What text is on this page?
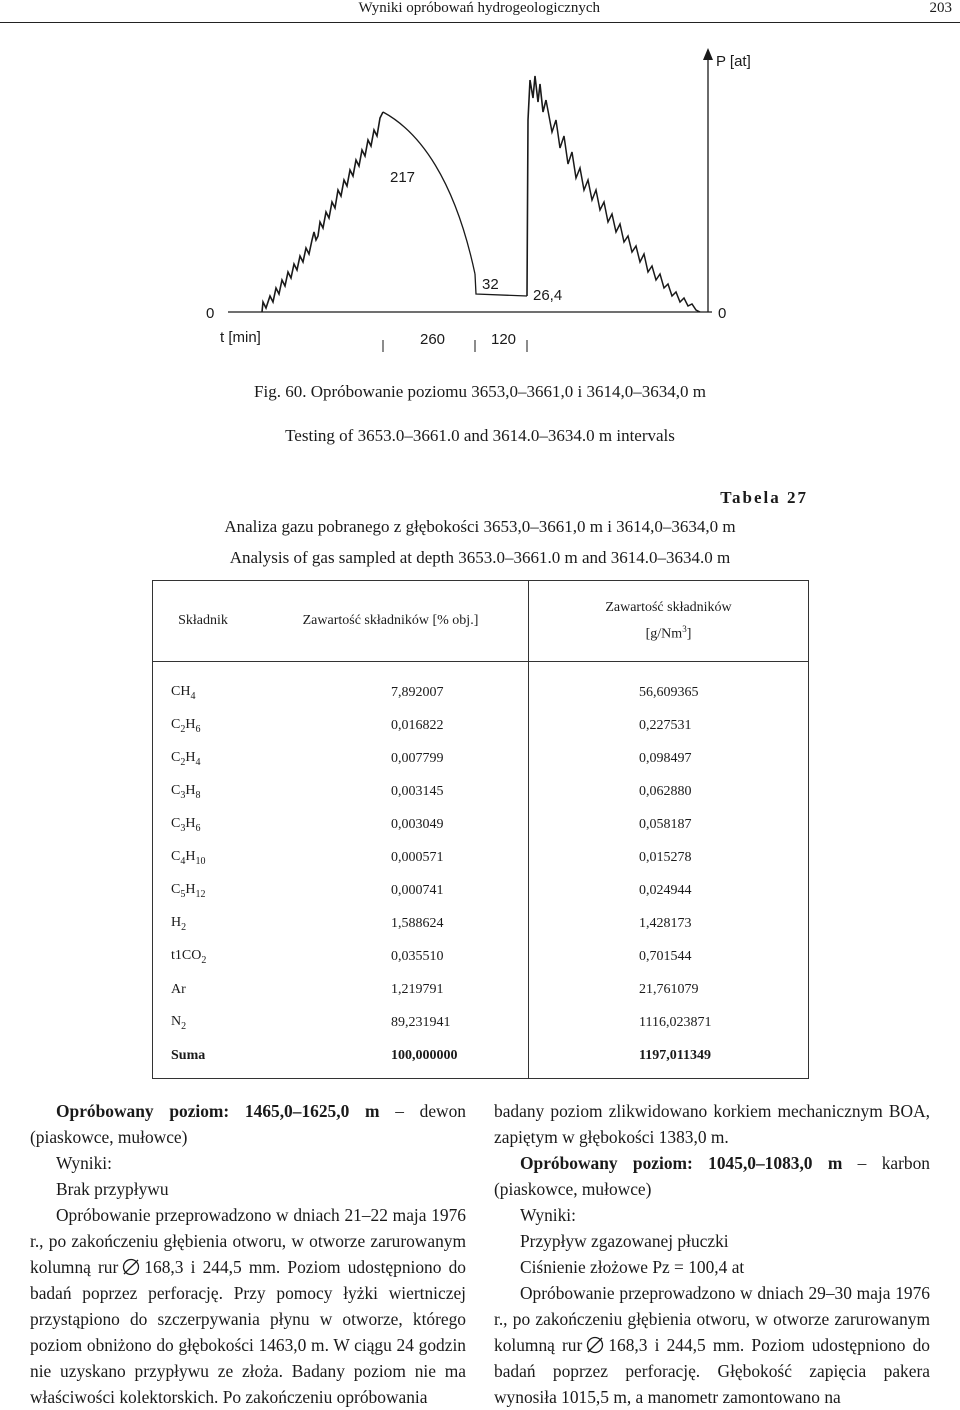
Wyniki opróbowań hydrogeologicznych	203
P [at]
0	0
217
32
26,4
t [min]	260	120
Fig. 60. Opróbowanie poziomu 3653,0–3661,0 i 3614,0–3634,0 m
Testing of 3653.0–3661.0 and 3614.0–3634.0 m intervals
Tabela 27
Analiza gazu pobranego z głębokości 3653,0–3661,0 m i 3614,0–3634,0 m
Analysis of gas sampled at depth 3653.0–3661.0 m and 3614.0–3634.0 m
Składnik	Zawartość składników [% obj.]	Zawartość składników
[g/Nm$^3$]

$CH_4$	7,892007	56,609365
$C_2H_6$	0,016822	0,227531
$C_2H_4$	0,007799	0,098497
$C_3H_8$	0,003145	0,062880
$C_3H_6$	0,003049	0,058187
$C_4H_{10}$	0,000571	0,015278
$C_5H_{12}$	0,000741	0,024944
$H_2$	1,588624	1,428173
$t1CO_2$	0,035510	0,701544
Ar	1,219791	21,761079
$N_2$	89,231941	1116,023871
Suma	100,000000	1197,011349

Opróbowany poziom: 1465,0–1625,0 m – dewon (piaskowce, mułowce)

Wyniki:

Brak przypływu

Opróbowanie przeprowadzono w dniach 21–22 maja 1976 r., po zakończeniu głębienia otworu, w otworze zarurowanym kolumną rur 168,3 i 244,5 mm. Poziom udostępniono do badań poprzez perforację. Przy pomocy łyżki wiertniczej przystąpiono do szczerpywania płynu w otworze, którego poziom obniżono do głębokości 1463,0 m. W ciągu 24 godzin nie uzyskano przypływu ze złoża. Badany poziom nie ma właściwości kolektorskich. Po zakończeniu opróbowania

badany poziom zlikwidowano korkiem mechanicznym BOA, zapiętym w głębokości 1383,0 m.

Opróbowany poziom: 1045,0–1083,0 m – karbon (piaskowce, mułowce)

Wyniki:

Przypływ zgazowanej płuczki

Ciśnienie złożowe Pz = 100,4 at

Opróbowanie przeprowadzono w dniach 29–30 maja 1976 r., po zakończeniu głębienia otworu, w otworze zarurowanym kolumną rur 168,3 i 244,5 mm. Poziom udostępniono do badań poprzez perforację. Głębokość zapięcia pakera wynosiła 1015,5 m, a manometr zamontowano na
